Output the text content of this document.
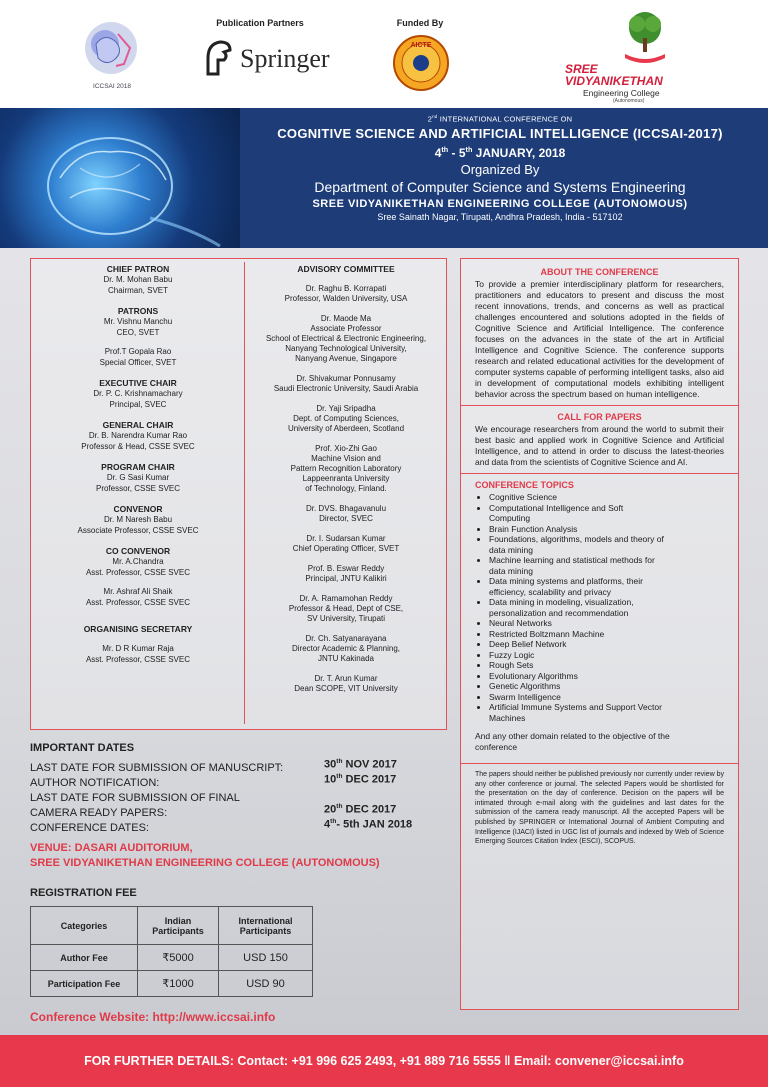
ICCSAI 2018
Publication Partners
Springer
Funded By
AICTE
SREE
VIDYANIKETHAN
Engineering College
(Autonomous)
2nd INTERNATIONAL CONFERENCE ON
COGNITIVE SCIENCE AND ARTIFICIAL INTELLIGENCE (ICCSAI-2017)
4th - 5th JANUARY, 2018
Organized By
Department of Computer Science and Systems Engineering
SREE VIDYANIKETHAN ENGINEERING COLLEGE (AUTONOMOUS)
Sree Sainath Nagar, Tirupati, Andhra Pradesh, India - 517102
CHIEF PATRON
Dr. M. Mohan Babu
Chairman, SVET
PATRONS
Mr. Vishnu Manchu
CEO, SVET
Prof.T Gopala Rao
Special Officer, SVET
EXECUTIVE CHAIR
Dr. P. C. Krishnamachary
Principal, SVEC
GENERAL CHAIR
Dr. B. Narendra Kumar Rao
Professor & Head, CSSE SVEC
PROGRAM CHAIR
Dr. G Sasi Kumar
Professor, CSSE SVEC
CONVENOR
Dr. M Naresh Babu
Associate Professor, CSSE SVEC
CO CONVENOR
Mr. A.Chandra
Asst. Professor, CSSE SVEC
Mr. Ashraf Ali Shaik
Asst. Professor, CSSE SVEC
ORGANISING SECRETARY
Mr. D R Kumar Raja
Asst. Professor, CSSE SVEC
ADVISORY COMMITTEE
Dr. Raghu B. Korrapati
Professor, Walden University, USA
Dr. Maode Ma
Associate Professor
School of Electrical & Electronic Engineering,
Nanyang Technological University,
Nanyang Avenue, Singapore
Dr. Shivakumar Ponnusamy
Saudi Electronic University, Saudi Arabia
Dr. Yaji Sripadha
Dept. of Computing Sciences,
University of Aberdeen, Scotland
Prof. Xio-Zhi Gao
Machine Vision and
Pattern Recognition Laboratory
Lappeenranta University
of Technology, Finland.
Dr. DVS. Bhagavanulu
Director, SVEC
Dr. I. Sudarsan Kumar
Chief Operating Officer, SVET
Prof. B. Eswar Reddy
Principal, JNTU Kalikiri
Dr. A. Ramamohan Reddy
Professor & Head, Dept of CSE,
SV University, Tirupati
Dr. Ch. Satyanarayana
Director Academic & Planning,
JNTU Kakinada
Dr. T. Arun Kumar
Dean SCOPE, VIT University
IMPORTANT DATES
LAST DATE FOR SUBMISSION OF MANUSCRIPT:	30th NOV 2017
AUTHOR NOTIFICATION:	10th DEC 2017
LAST DATE FOR SUBMISSION OF FINAL
CAMERA READY PAPERS:	20th DEC 2017
CONFERENCE DATES:	4th- 5th JAN 2018
VENUE: DASARI AUDITORIUM,
SREE VIDYANIKETHAN ENGINEERING COLLEGE (AUTONOMOUS)
REGISTRATION FEE
Categories	Indian Participants	International Participants
Author Fee	₹5000	USD 150
Participation Fee	₹1000	USD 90
Conference Website: http://www.iccsai.info
ABOUT THE CONFERENCE
To provide a premier interdisciplinary platform for researchers, practitioners and educators to present and discuss the most recent innovations, trends, and concerns as well as practical challenges encountered and solutions adopted in the fields of Cognitive Science and Artificial Intelligence. The conference focuses on the advances in the state of the art in Artificial Intelligence and Cognitive Science. The conference supports research and related educational activities for the development of computer systems capable of performing intelligent tasks, also aid in development of computational models exhibiting intelligent behavior across the spectrum based on human intelligence.
CALL FOR PAPERS
We encourage researchers from around the world to submit their best basic and applied work in Cognitive Science and Artificial Intelligence, and to attend in order to discuss the latest-theories and data from the scientists of Cognitive Science and AI.
CONFERENCE TOPICS
• Cognitive Science
• Computational Intelligence and Soft Computing
• Brain Function Analysis
• Foundations, algorithms, models and theory of data mining
• Machine learning and statistical methods for data mining
• Data mining systems and platforms, their efficiency, scalability and privacy
• Data mining in modeling, visualization, personalization and recommendation
• Neural Networks
• Restricted Boltzmann Machine
• Deep Belief Network
• Fuzzy Logic
• Rough Sets
• Evolutionary Algorithms
• Genetic Algorithms
• Swarm Intelligence
• Artificial Immune Systems and Support Vector Machines
And any other domain related to the objective of the conference
The papers should neither be published previously nor currently under review by any other conference or journal. The selected Papers would be shortlisted for the presentation on the day of conference. Decision on the papers will be intimated through e-mail along with the guidelines and last dates for the submission of the camera ready manuscript. All the accepted Papers will be published by SPRINGER or International Journal of Ambient Computing and Intelligence (IJACI) listed in UGC list of journals and indexed by Web of Science Emerging Sources Citation Index (ESCI), SCOPUS.
FOR FURTHER DETAILS: Contact: +91 996 625 2493, +91 889 716 5555 ‖ Email: convener@iccsai.info
